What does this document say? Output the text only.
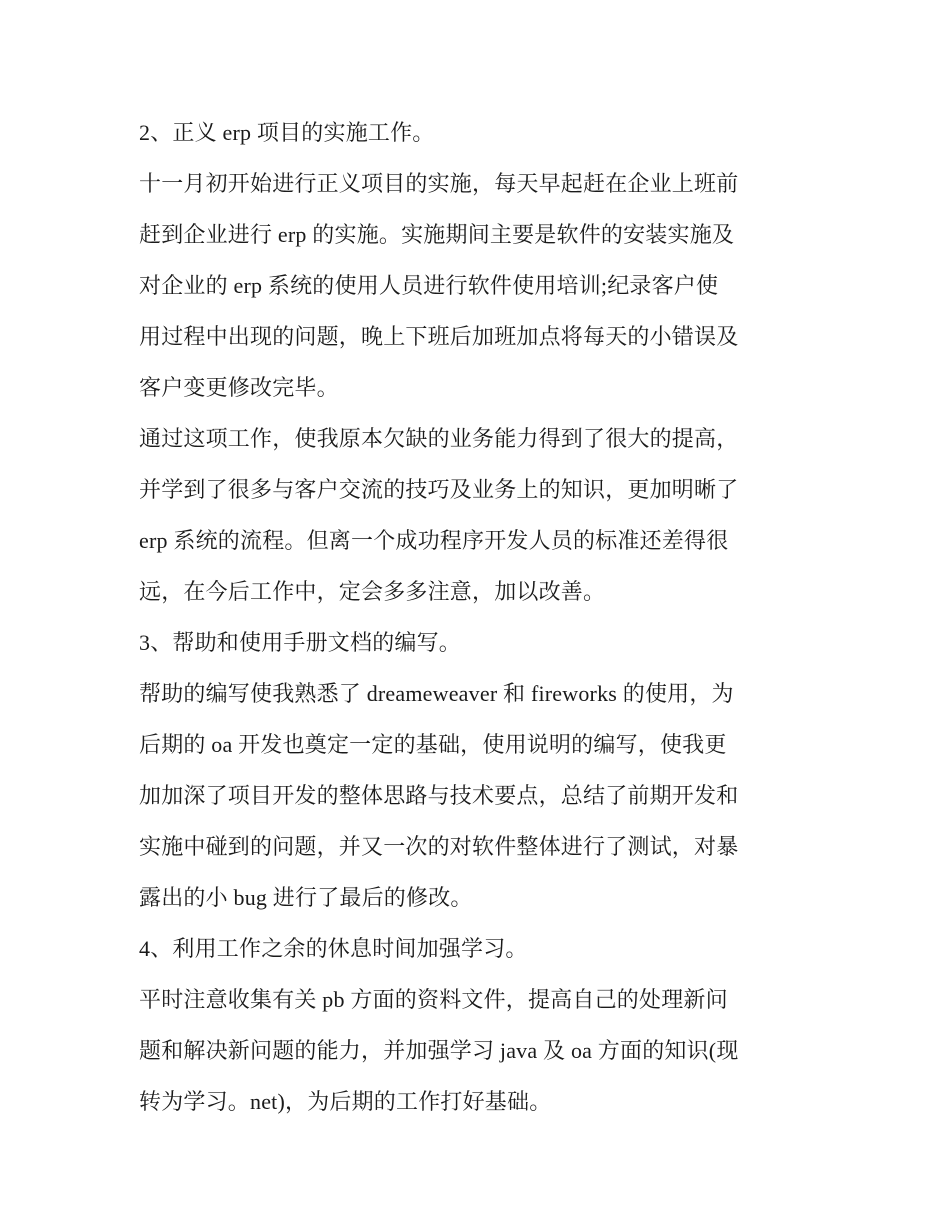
2、正义 erp 项目的实施工作。
十一月初开始进行正义项目的实施，每天早起赶在企业上班前
赶到企业进行 erp 的实施。实施期间主要是软件的安装实施及
对企业的 erp 系统的使用人员进行软件使用培训;纪录客户使
用过程中出现的问题，晚上下班后加班加点将每天的小错误及
客户变更修改完毕。
通过这项工作，使我原本欠缺的业务能力得到了很大的提高，
并学到了很多与客户交流的技巧及业务上的知识，更加明晰了
erp 系统的流程。但离一个成功程序开发人员的标准还差得很
远，在今后工作中，定会多多注意，加以改善。
3、帮助和使用手册文档的编写。
帮助的编写使我熟悉了 dreameweaver 和 fireworks 的使用，为
后期的 oa 开发也奠定一定的基础，使用说明的编写，使我更
加加深了项目开发的整体思路与技术要点，总结了前期开发和
实施中碰到的问题，并又一次的对软件整体进行了测试，对暴
露出的小 bug 进行了最后的修改。
4、利用工作之余的休息时间加强学习。
平时注意收集有关 pb 方面的资料文件，提高自己的处理新问
题和解决新问题的能力，并加强学习 java 及 oa 方面的知识(现
转为学习。net)，为后期的工作打好基础。
